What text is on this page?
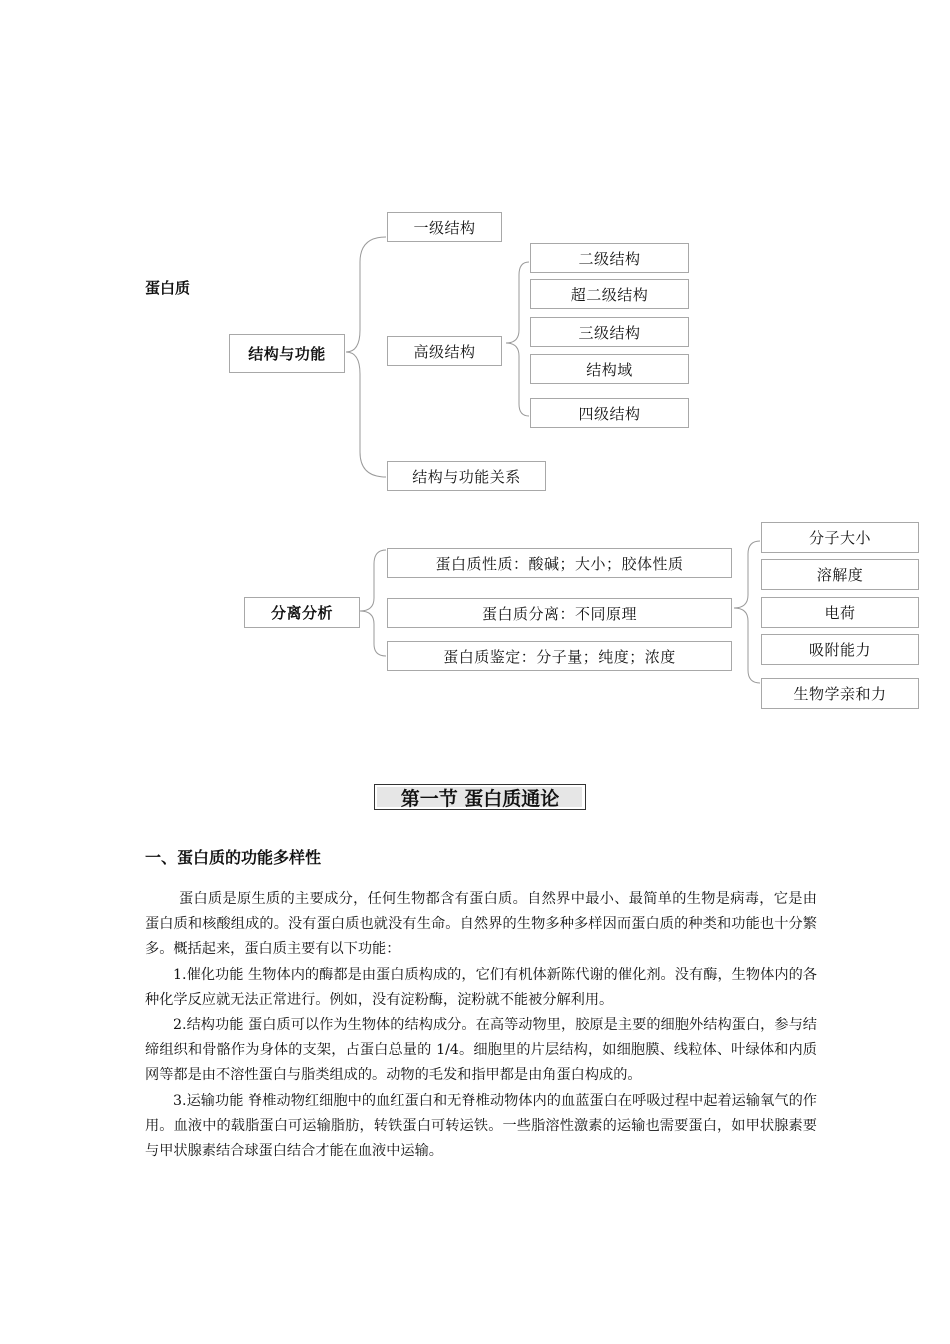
蛋白质
结构与功能
一级结构
高级结构
二级结构
超二级结构
三级结构
结构域
四级结构
结构与功能关系
分离分析
蛋白质性质：酸碱；大小；胶体性质
蛋白质分离：不同原理
蛋白质鉴定：分子量；纯度；浓度
分子大小
溶解度
电荷
吸附能力
生物学亲和力
第一节 蛋白质通论
一、蛋白质的功能多样性

蛋白质是原生质的主要成分，任何生物都含有蛋白质。自然界中最小、最简单的生物是病毒，它是由蛋白质和核酸组成的。没有蛋白质也就没有生命。自然界的生物多种多样因而蛋白质的种类和功能也十分繁多。概括起来，蛋白质主要有以下功能：

1.催化功能 生物体内的酶都是由蛋白质构成的，它们有机体新陈代谢的催化剂。没有酶，生物体内的各种化学反应就无法正常进行。例如，没有淀粉酶，淀粉就不能被分解利用。

2.结构功能 蛋白质可以作为生物体的结构成分。在高等动物里，胶原是主要的细胞外结构蛋白，参与结缔组织和骨骼作为身体的支架，占蛋白总量的 1/4。细胞里的片层结构，如细胞膜、线粒体、叶绿体和内质网等都是由不溶性蛋白与脂类组成的。动物的毛发和指甲都是由角蛋白构成的。

3.运输功能 脊椎动物红细胞中的血红蛋白和无脊椎动物体内的血蓝蛋白在呼吸过程中起着运输氧气的作用。血液中的载脂蛋白可运输脂肪，转铁蛋白可转运铁。一些脂溶性激素的运输也需要蛋白，如甲状腺素要与甲状腺素结合球蛋白结合才能在血液中运输。
